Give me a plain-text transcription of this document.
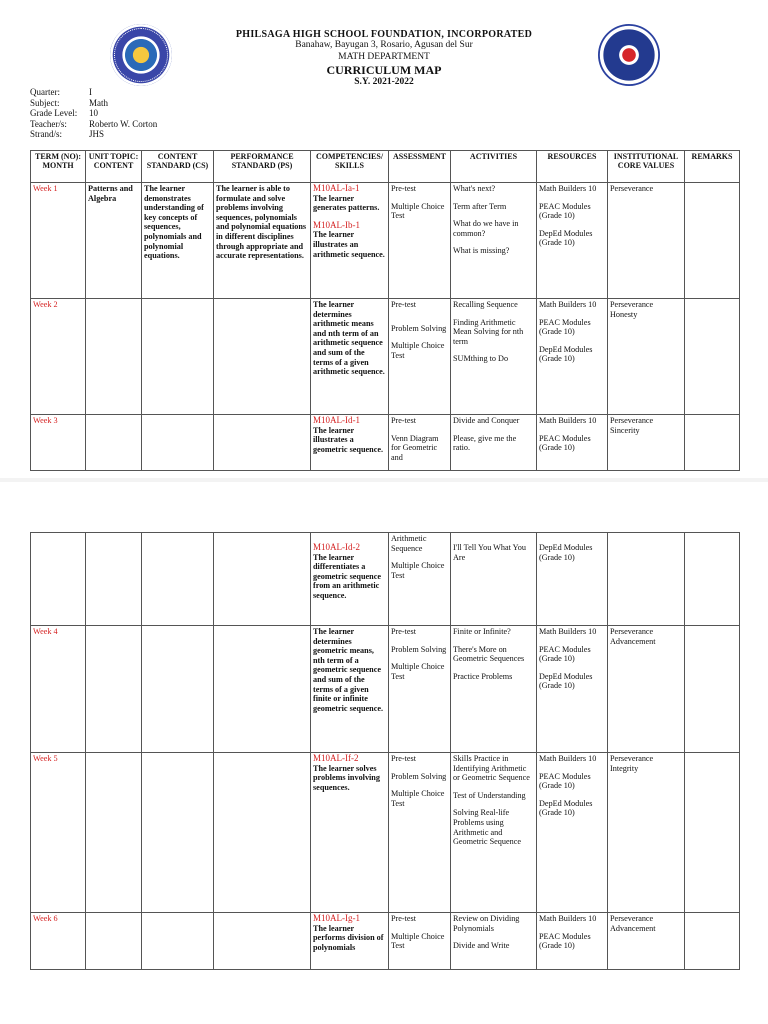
PHILSAGA HIGH SCHOOL FOUNDATION, INCORPORATED
Banahaw, Bayugan 3, Rosario, Agusan del Sur
MATH DEPARTMENT
CURRICULUM MAP
S.Y. 2021-2022
Quarter:	I
Subject:	Math
Grade Level:	10
Teacher/s:	Roberto W. Corton
Strand/s:	JHS
TERM (NO): MONTH	UNIT TOPIC: CONTENT	CONTENT STANDARD (CS)	PERFORMANCE STANDARD (PS)	COMPETENCIES/ SKILLS	ASSESSMENT	ACTIVITIES	RESOURCES	INSTITUTIONAL CORE VALUES	REMARKS
Week 1	Patterns and Algebra	The learner demonstrates understanding of key concepts of sequences, polynomials and polynomial equations.	The learner is able to formulate and solve problems involving sequences, polynomials and polynomial equations in different disciplines through appropriate and accurate representations.	M10AL-Ia-1
The learner generates patterns.
M10AL-Ib-1
The learner illustrates an arithmetic sequence.	Pre-test
Multiple Choice Test	What's next?
Term after Term
What do we have in common?
What is missing?	Math Builders 10
PEAC Modules (Grade 10)
DepEd Modules (Grade 10)	Perseverance	
Week 2				The learner determines arithmetic means and nth term of an arithmetic sequence and sum of the terms of a given arithmetic sequence.	Pre-test
Problem Solving
Multiple Choice Test	Recalling Sequence
Finding Arithmetic Mean Solving for nth term
SUMthing to Do	Math Builders 10
PEAC Modules (Grade 10)
DepEd Modules (Grade 10)	Perseverance
Honesty	

Week 3				M10AL-Id-1
The learner illustrates a geometric sequence.	Pre-test
Venn Diagram for Geometric and	Divide and Conquer
Please, give me the ratio.	Math Builders 10
PEAC Modules (Grade 10)	Perseverance
Sincerity	

				M10AL-Id-2
The learner differentiates a geometric sequence from an arithmetic sequence.	Arithmetic Sequence
Multiple Choice Test	I'll Tell You What You Are	DepEd Modules (Grade 10)		

Week 4				The learner determines geometric means, nth term of a geometric sequence and sum of the terms of a given finite or infinite geometric sequence.	Pre-test
Problem Solving
Multiple Choice Test	Finite or Infinite?
There's More on Geometric Sequences
Practice Problems	Math Builders 10
PEAC Modules (Grade 10)
DepEd Modules (Grade 10)	Perseverance
Advancement	

Week 5				M10AL-If-2
The learner solves problems involving sequences.	Pre-test
Problem Solving
Multiple Choice Test	Skills Practice in Identifying Arithmetic or Geometric Sequence
Test of Understanding
Solving Real-life Problems using Arithmetic and Geometric Sequence	Math Builders 10
PEAC Modules (Grade 10)
DepEd Modules (Grade 10)	Perseverance
Integrity	

Week 6				M10AL-Ig-1
The learner performs division of polynomials	Pre-test
Multiple Choice Test	Review on Dividing Polynomials
Divide and Write	Math Builders 10
PEAC Modules (Grade 10)	Perseverance
Advancement	
